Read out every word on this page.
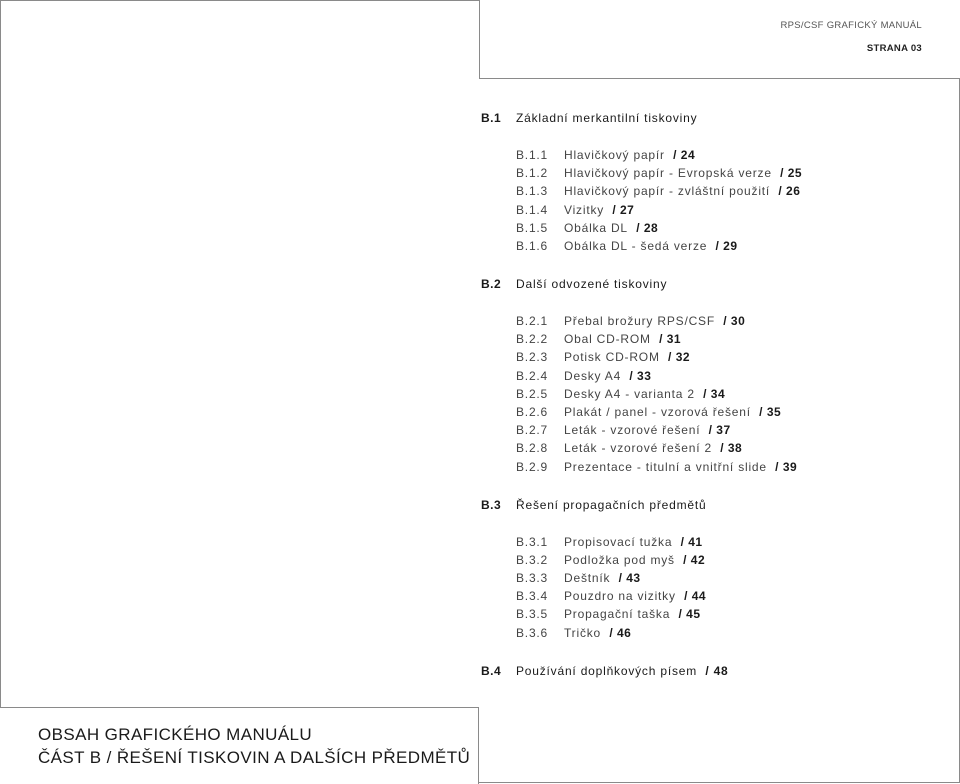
RPS/CSF GRAFICKÝ MANUÁL
STRANA 03
B.1 Základní merkantilní tiskoviny
B.1.1 Hlavičkový papír / 24
B.1.2 Hlavičkový papír - Evropská verze / 25
B.1.3 Hlavičkový papír - zvláštní použití / 26
B.1.4 Vizitky / 27
B.1.5 Obálka DL / 28
B.1.6 Obálka DL - šedá verze / 29
B.2 Další odvozené tiskoviny
B.2.1 Přebal brožury RPS/CSF / 30
B.2.2 Obal CD-ROM / 31
B.2.3 Potisk CD-ROM / 32
B.2.4 Desky A4 / 33
B.2.5 Desky A4 - varianta 2 / 34
B.2.6 Plakát / panel - vzorová řešení / 35
B.2.7 Leták - vzorové řešení / 37
B.2.8 Leták - vzorové řešení 2 / 38
B.2.9 Prezentace - titulní a vnitřní slide / 39
B.3 Řešení propagačních předmětů
B.3.1 Propisovací tužka / 41
B.3.2 Podložka pod myš / 42
B.3.3 Deštník / 43
B.3.4 Pouzdro na vizitky / 44
B.3.5 Propagační taška / 45
B.3.6 Tričko / 46
B.4 Používání doplňkových písem / 48
OBSAH GRAFICKÉHO MANUÁLU
ČÁST B / ŘEŠENÍ TISKOVIN A DALŠÍCH PŘEDMĚTŮ
